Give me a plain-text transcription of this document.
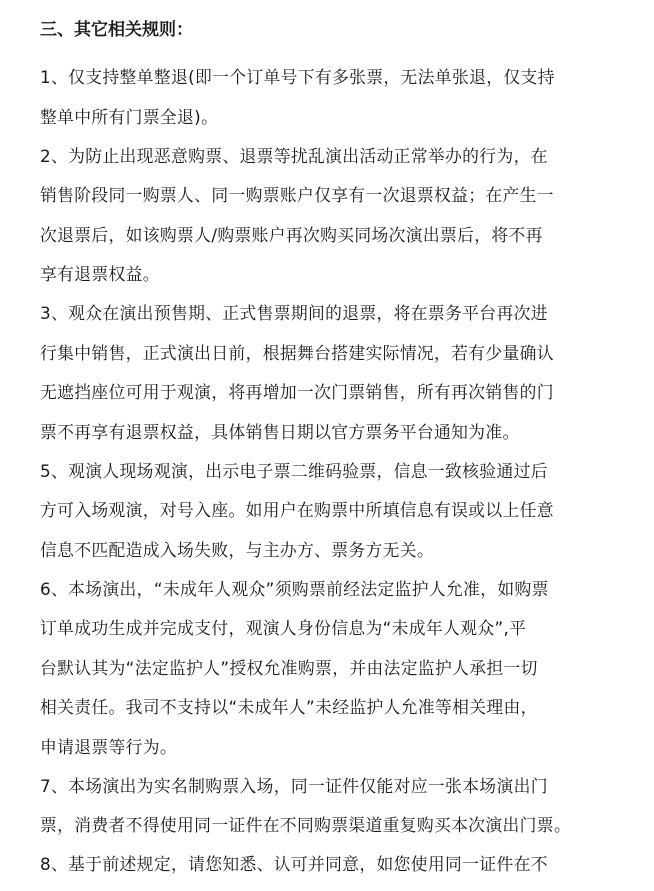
三、其它相关规则：
1、仅支持整单整退(即一个订单号下有多张票，无法单张退，仅支持
整单中所有门票全退)。
2、为防止出现恶意购票、退票等扰乱演出活动正常举办的行为，在
销售阶段同一购票人、同一购票账户仅享有一次退票权益；在产生一
次退票后，如该购票人/购票账户再次购买同场次演出票后，将不再
享有退票权益。
3、观众在演出预售期、正式售票期间的退票，将在票务平台再次进
行集中销售，正式演出日前，根据舞台搭建实际情况，若有少量确认
无遮挡座位可用于观演，将再增加一次门票销售，所有再次销售的门
票不再享有退票权益，具体销售日期以官方票务平台通知为准。
5、观演人现场观演，出示电子票二维码验票，信息一致核验通过后
方可入场观演，对号入座。如用户在购票中所填信息有误或以上任意
信息不匹配造成入场失败，与主办方、票务方无关。
6、本场演出，“未成年人观众”须购票前经法定监护人允准，如购票
订单成功生成并完成支付，观演人身份信息为“未成年人观众”,平
台默认其为“法定监护人”授权允准购票，并由法定监护人承担一切
相关责任。我司不支持以“未成年人”未经监护人允准等相关理由，
申请退票等行为。
7、本场演出为实名制购票入场，同一证件仅能对应一张本场演出门
票，消费者不得使用同一证件在不同购票渠道重复购买本次演出门票。
8、基于前述规定，请您知悉、认可并同意，如您使用同一证件在不
